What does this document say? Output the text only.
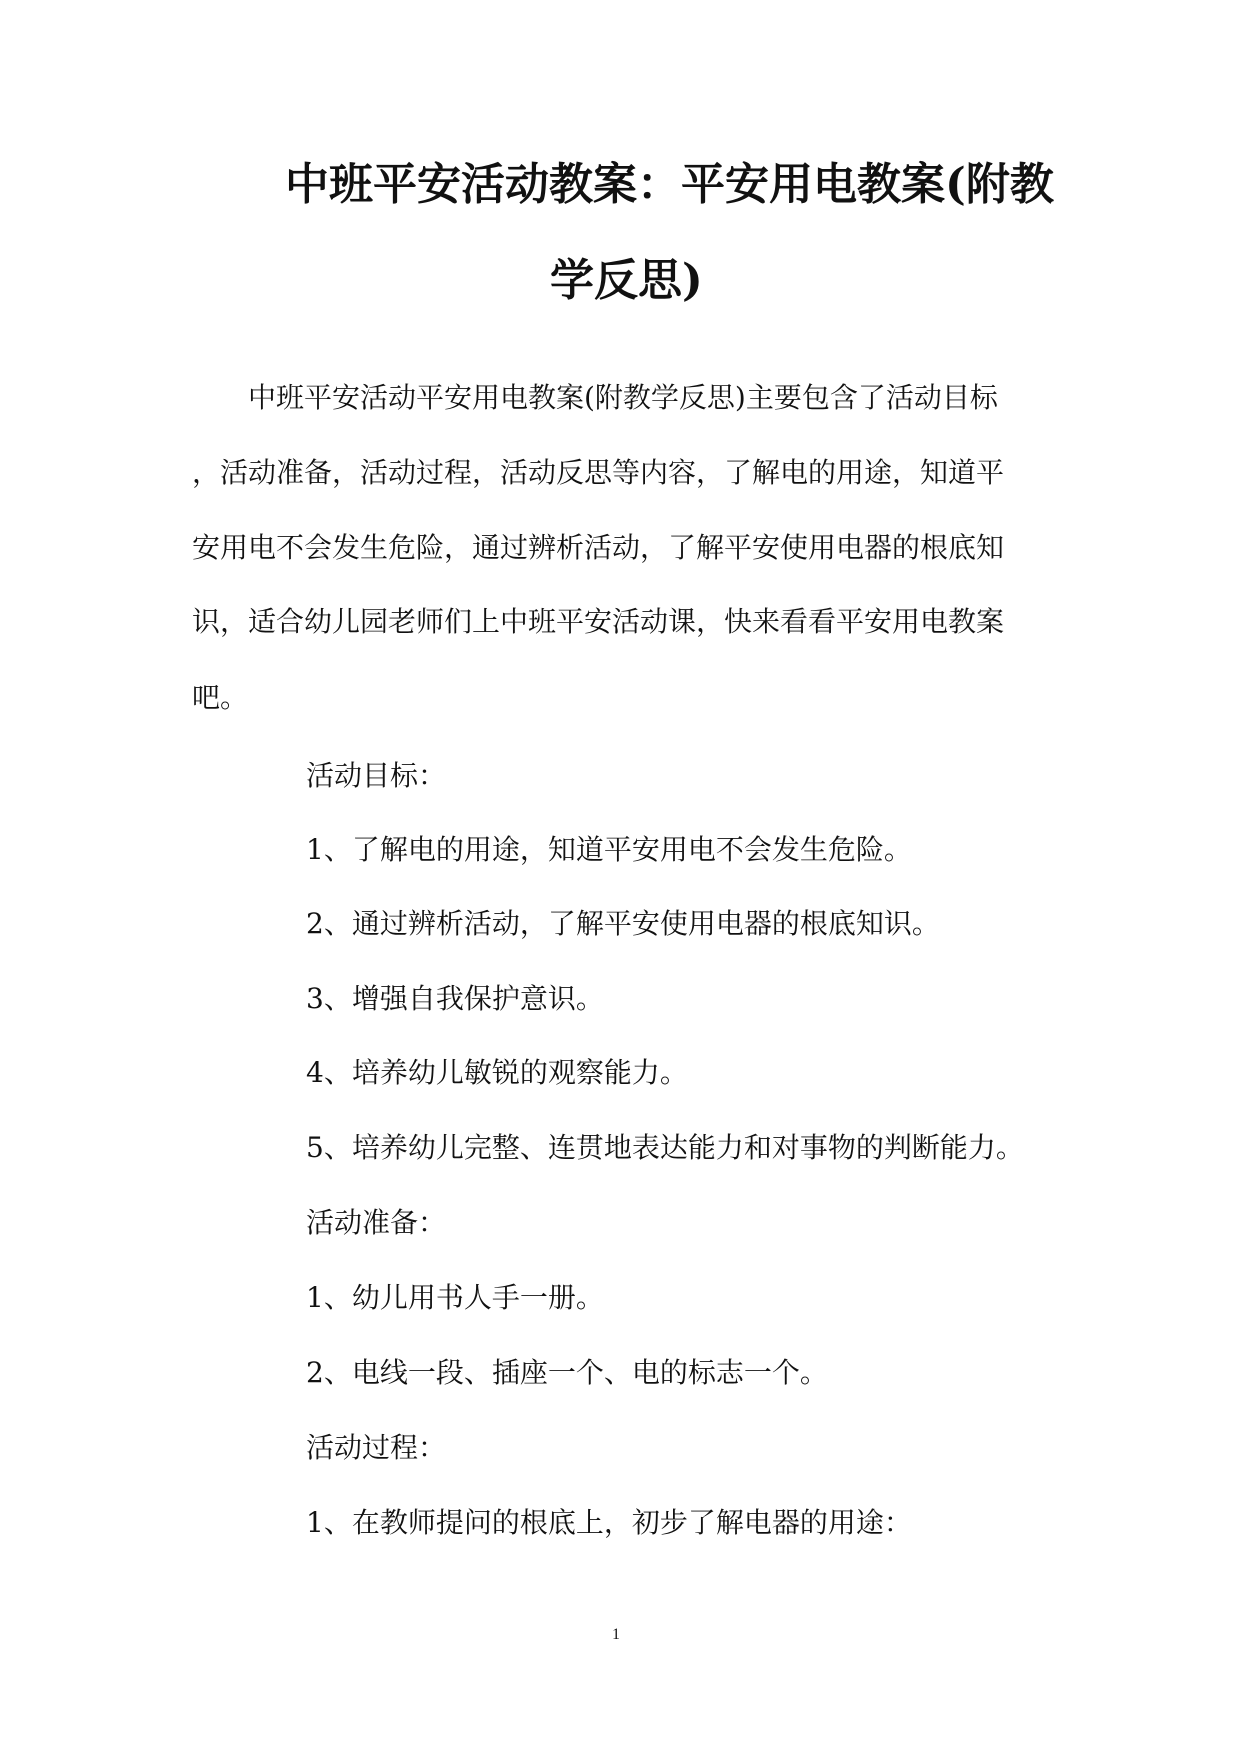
中班平安活动教案：平安用电教案(附教
学反思)
中班平安活动平安用电教案(附教学反思)主要包含了活动目标
，活动准备，活动过程，活动反思等内容，了解电的用途，知道平
安用电不会发生危险，通过辨析活动，了解平安使用电器的根底知
识，适合幼儿园老师们上中班平安活动课，快来看看平安用电教案
吧。
活动目标：
1、了解电的用途，知道平安用电不会发生危险。
2、通过辨析活动，了解平安使用电器的根底知识。
3、增强自我保护意识。
4、培养幼儿敏锐的观察能力。
5、培养幼儿完整、连贯地表达能力和对事物的判断能力。
活动准备：
1、幼儿用书人手一册。
2、电线一段、插座一个、电的标志一个。
活动过程：
1、在教师提问的根底上，初步了解电器的用途：
1
